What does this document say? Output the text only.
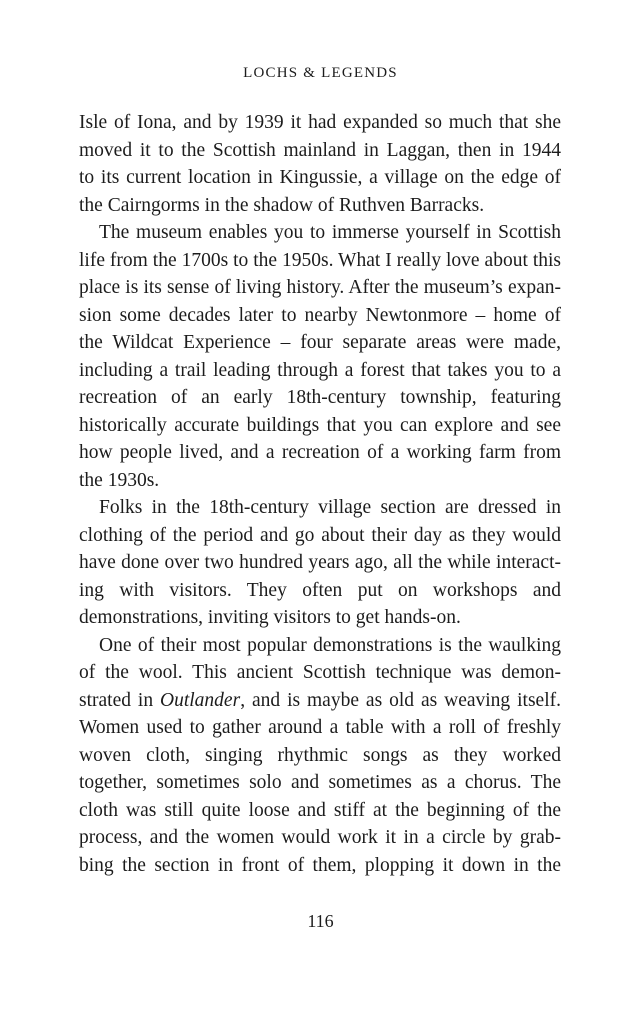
LOCHS & LEGENDS
Isle of Iona, and by 1939 it had expanded so much that she
moved it to the Scottish mainland in Laggan, then in 1944
to its current location in Kingussie, a village on the edge of
the Cairngorms in the shadow of Ruthven Barracks.
The museum enables you to immerse yourself in Scottish
life from the 1700s to the 1950s. What I really love about this
place is its sense of living history. After the museum’s expan-
sion some decades later to nearby Newtonmore – home of
the Wildcat Experience – four separate areas were made,
including a trail leading through a forest that takes you to a
recreation of an early 18th-century township, featuring
historically accurate buildings that you can explore and see
how people lived, and a recreation of a working farm from
the 1930s.
Folks in the 18th-century village section are dressed in
clothing of the period and go about their day as they would
have done over two hundred years ago, all the while interact-
ing with visitors. They often put on workshops and
demonstrations, inviting visitors to get hands-on.
One of their most popular demonstrations is the waulking
of the wool. This ancient Scottish technique was demon-
strated in Outlander, and is maybe as old as weaving itself.
Women used to gather around a table with a roll of freshly
woven cloth, singing rhythmic songs as they worked
together, sometimes solo and sometimes as a chorus. The
cloth was still quite loose and stiff at the beginning of the
process, and the women would work it in a circle by grab-
bing the section in front of them, plopping it down in the
116
